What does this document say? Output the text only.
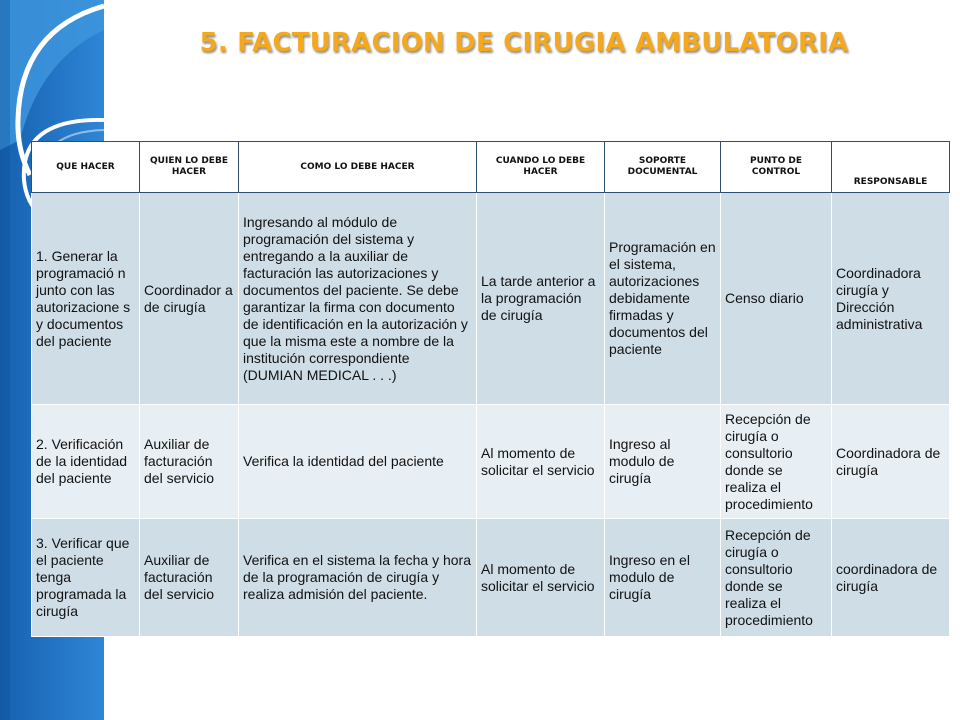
5. FACTURACION DE CIRUGIA AMBULATORIA
QUE HACER	QUIEN LO DEBE HACER	COMO LO DEBE HACER	CUANDO LO DEBE HACER	SOPORTE DOCUMENTAL	PUNTO DE CONTROL	RESPONSABLE
1. Generar la programació n junto con las autorizacione s y documentos del paciente	Coordinador a de cirugía	Ingresando al módulo de programación del sistema y entregando a la auxiliar de facturación las autorizaciones y documentos del paciente. Se debe garantizar la firma con documento de identificación en la autorización y que la misma este a nombre de la institución correspondiente (DUMIAN MEDICAL . . .)	La tarde anterior a la programación de cirugía	Programación en el sistema, autorizaciones debidamente firmadas y documentos del paciente	Censo diario	Coordinadora cirugía y Dirección administrativa
2. Verificación de la identidad del paciente	Auxiliar de facturación del servicio	Verifica la identidad del paciente	Al momento de solicitar el servicio	Ingreso al modulo de cirugía	Recepción de cirugía o consultorio donde se realiza el procedimiento	Coordinadora de cirugía
3. Verificar que el paciente tenga programada la cirugía	Auxiliar de facturación del servicio	Verifica en el sistema la fecha y hora de la programación de cirugía y realiza admisión del paciente.	Al momento de solicitar el servicio	Ingreso en el modulo de cirugía	Recepción de cirugía o consultorio donde se realiza el procedimiento	coordinadora de cirugía
